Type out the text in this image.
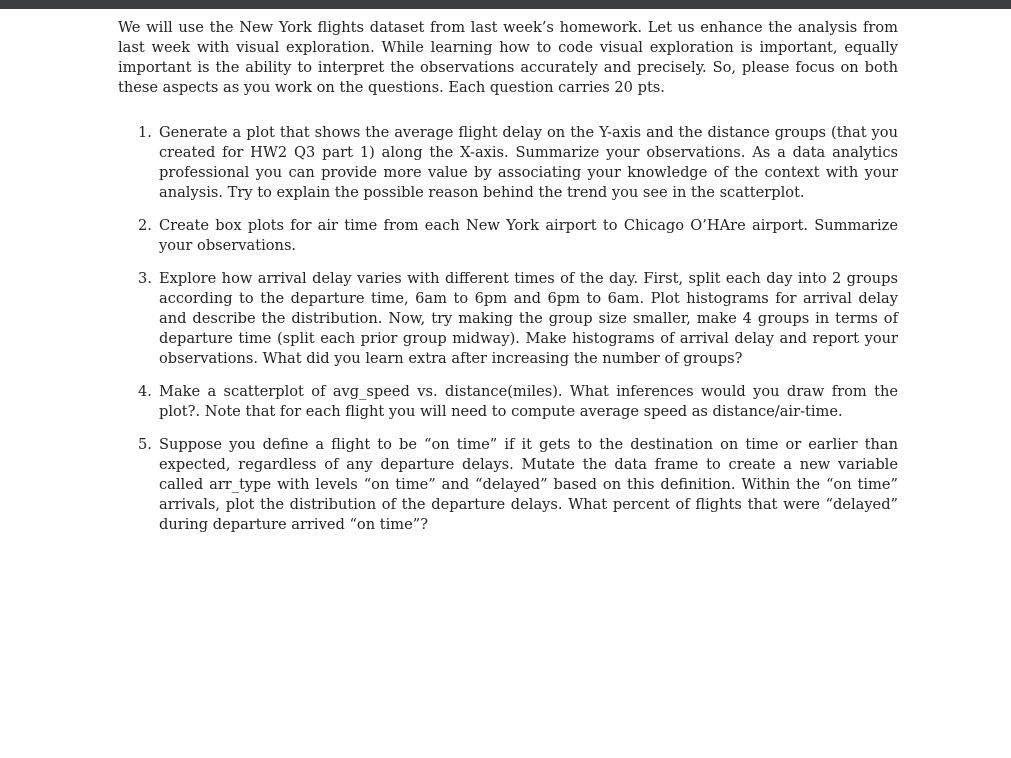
We will use the New York flights dataset from last week’s homework. Let us enhance the analysis from last week with visual exploration. While learning how to code visual exploration is important, equally important is the ability to interpret the observations accurately and precisely. So, please focus on both these aspects as you work on the questions. Each question carries 20 pts.

1. Generate a plot that shows the average flight delay on the Y-axis and the distance groups (that you created for HW2 Q3 part 1) along the X-axis. Summarize your observations. As a data analytics professional you can provide more value by associating your knowledge of the context with your analysis. Try to explain the possible reason behind the trend you see in the scatterplot.
2. Create box plots for air time from each New York airport to Chicago O’HAre airport. Summarize your observations.
3. Explore how arrival delay varies with different times of the day. First, split each day into 2 groups according to the departure time, 6am to 6pm and 6pm to 6am. Plot histograms for arrival delay and describe the distribution. Now, try making the group size smaller, make 4 groups in terms of departure time (split each prior group midway). Make histograms of arrival delay and report your observations. What did you learn extra after increasing the number of groups?
4. Make a scatterplot of avg_speed vs. distance(miles). What inferences would you draw from the plot?. Note that for each flight you will need to compute average speed as distance/air-time.
5. Suppose you define a flight to be “on time” if it gets to the destination on time or earlier than expected, regardless of any departure delays. Mutate the data frame to create a new variable called arr_type with levels “on time” and “delayed” based on this definition. Within the “on time” arrivals, plot the distribution of the departure delays. What percent of flights that were “delayed” during departure arrived “on time”?
